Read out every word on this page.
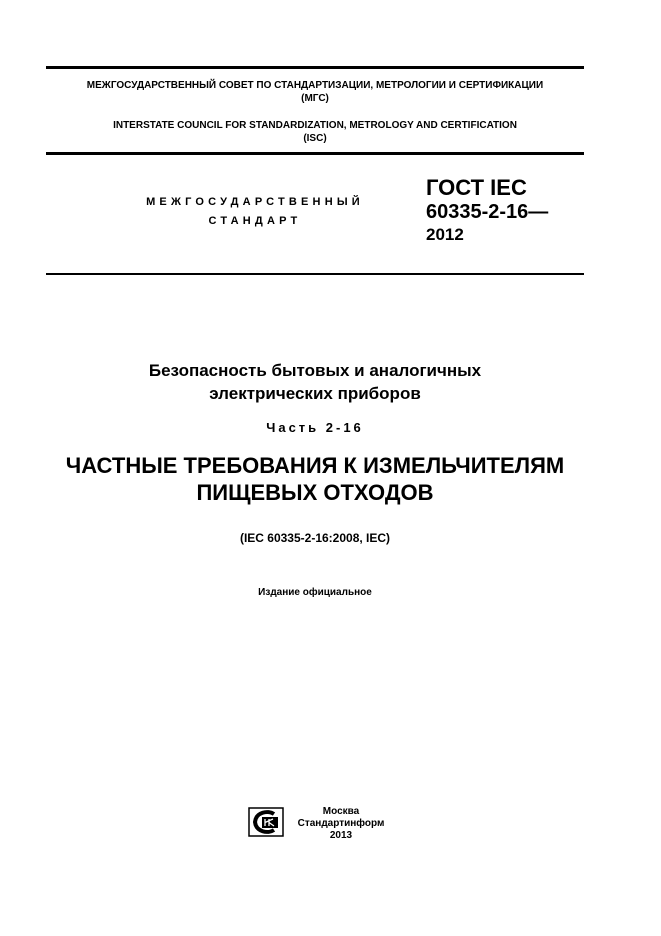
МЕЖГОСУДАРСТВЕННЫЙ СОВЕТ ПО СТАНДАРТИЗАЦИИ, МЕТРОЛОГИИ И СЕРТИФИКАЦИИ
(МГС)
INTERSTATE COUNCIL FOR STANDARDIZATION, METROLOGY AND CERTIFICATION
(ISC)
МЕЖГОСУДАРСТВЕННЫЙ
СТАНДАРТ
ГОСТ IEC
60335-2-16—
2012
Безопасность бытовых и аналогичных
электрических приборов
Часть 2-16
ЧАСТНЫЕ ТРЕБОВАНИЯ К ИЗМЕЛЬЧИТЕЛЯМ
ПИЩЕВЫХ ОТХОДОВ
(IEC 60335-2-16:2008, IEC)
Издание официальное
Москва
Стандартинформ
2013
